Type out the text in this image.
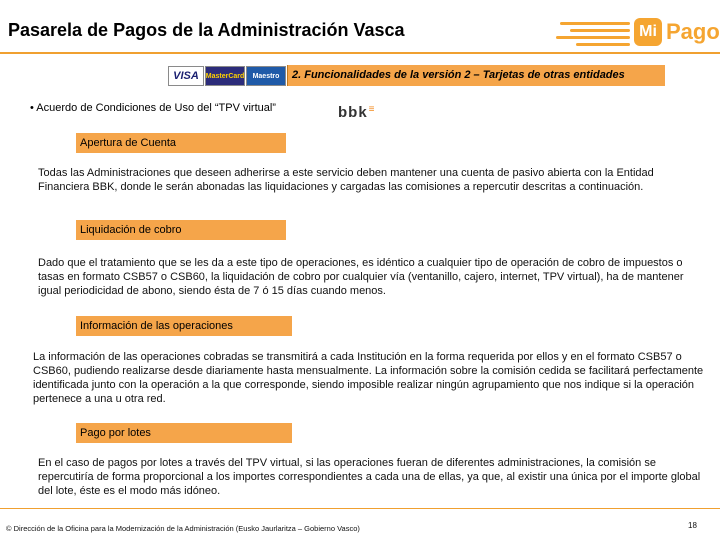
Pasarela de Pagos de la Administración Vasca	Mi Pago
VISA MasterCard	Maestro	2. Funcionalidades de la versión 2 – Tarjetas de otras entidades
• Acuerdo de Condiciones de Uso del “TPV virtual”	bbk≡
Apertura de Cuenta
Todas las Administraciones que deseen adherirse a este servicio deben mantener una cuenta de pasivo abierta con la Entidad Financiera BBK, donde le serán abonadas las liquidaciones y cargadas las comisiones a repercutir descritas a continuación.
Liquidación de cobro
Dado que el tratamiento que se les da a este tipo de operaciones, es idéntico a cualquier tipo de operación de cobro de impuestos o tasas en formato CSB57 o CSB60, la liquidación de cobro por cualquier vía (ventanillo, cajero, internet, TPV virtual), ha de mantener igual periodicidad de abono, siendo ésta de 7 ó 15 días cuando menos.
Información de las operaciones
La información de las operaciones cobradas se transmitirá a cada Institución en la forma requerida por ellos y en el formato CSB57 o CSB60, pudiendo realizarse desde diariamente hasta mensualmente. La información sobre la comisión cedida se facilitará perfectamente identificada junto con la operación a la que corresponde, siendo imposible realizar ningún agrupamiento que nos indique si la operación pertenece a una u otra red.
Pago por lotes
En el caso de pagos por lotes a través del TPV virtual, si las operaciones fueran de diferentes administraciones, la comisión se repercutiría de forma proporcional a los importes correspondientes a cada una de ellas, ya que, al existir una única por el importe global del lote, éste es el modo más idóneo.
© Dirección de la Oficina para la Modernización de la Administración (Eusko Jaurlaritza – Gobierno Vasco)	18
